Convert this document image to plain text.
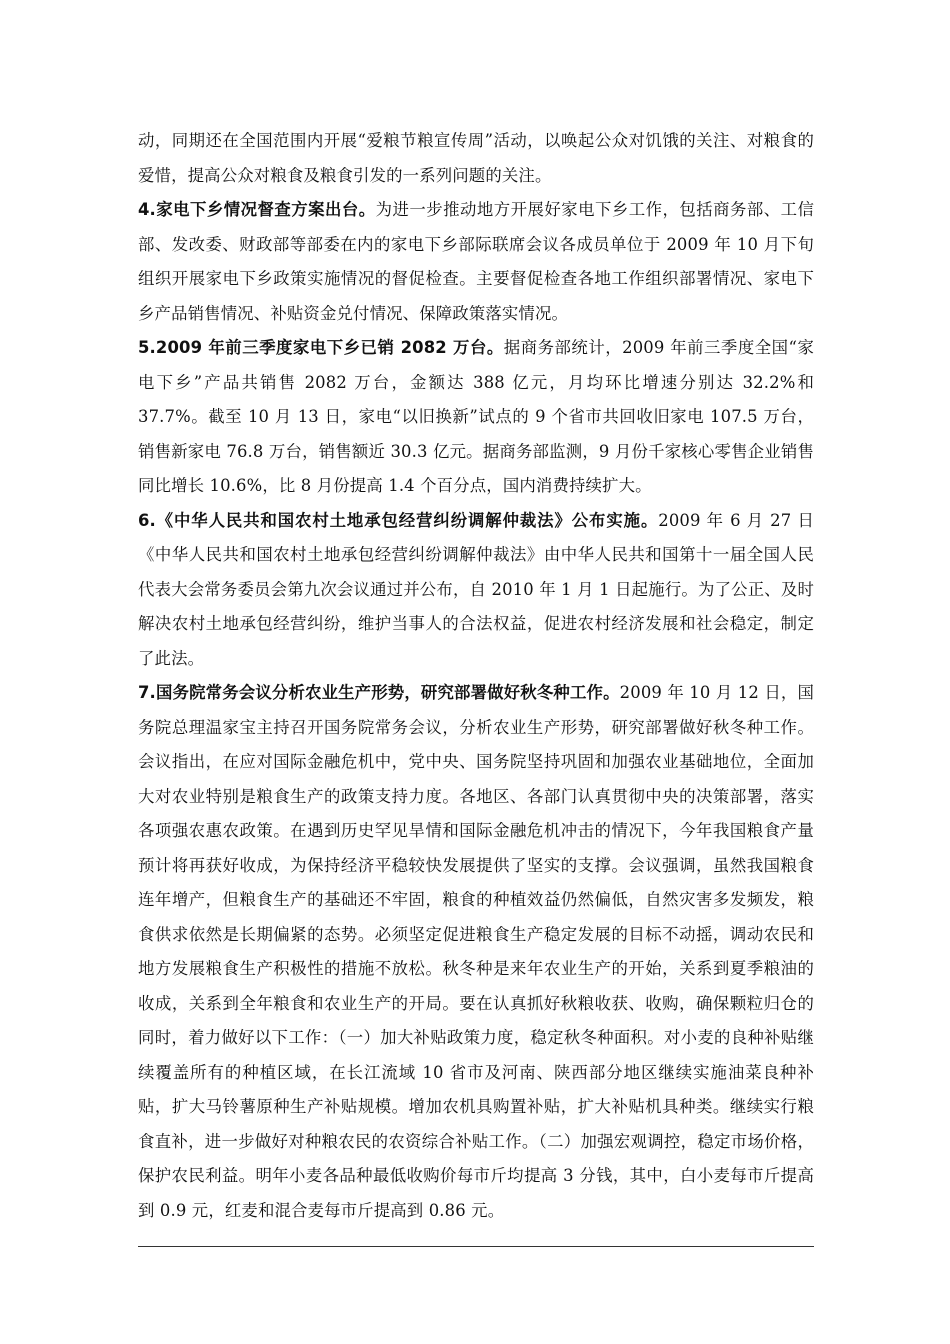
动，同期还在全国范围内开展“爱粮节粮宣传周”活动，以唤起公众对饥饿的关注、对粮食的爱惜，提高公众对粮食及粮食引发的一系列问题的关注。

4.家电下乡情况督查方案出台。为进一步推动地方开展好家电下乡工作，包括商务部、工信部、发改委、财政部等部委在内的家电下乡部际联席会议各成员单位于 2009 年 10 月下旬组织开展家电下乡政策实施情况的督促检查。主要督促检查各地工作组织部署情况、家电下乡产品销售情况、补贴资金兑付情况、保障政策落实情况。

5.2009 年前三季度家电下乡已销 2082 万台。据商务部统计，2009 年前三季度全国“家电下乡”产品共销售 2082 万台，金额达 388 亿元，月均环比增速分别达 32.2%和 37.7%。截至 10 月 13 日，家电“以旧换新”试点的 9 个省市共回收旧家电 107.5 万台，销售新家电 76.8 万台，销售额近 30.3 亿元。据商务部监测，9 月份千家核心零售企业销售同比增长 10.6%，比 8 月份提高 1.4 个百分点，国内消费持续扩大。

6.《中华人民共和国农村土地承包经营纠纷调解仲裁法》公布实施。2009 年 6 月 27 日《中华人民共和国农村土地承包经营纠纷调解仲裁法》由中华人民共和国第十一届全国人民代表大会常务委员会第九次会议通过并公布，自 2010 年 1 月 1 日起施行。为了公正、及时解决农村土地承包经营纠纷，维护当事人的合法权益，促进农村经济发展和社会稳定，制定了此法。

7.国务院常务会议分析农业生产形势，研究部署做好秋冬种工作。2009 年 10 月 12 日，国务院总理温家宝主持召开国务院常务会议，分析农业生产形势，研究部署做好秋冬种工作。会议指出，在应对国际金融危机中，党中央、国务院坚持巩固和加强农业基础地位，全面加大对农业特别是粮食生产的政策支持力度。各地区、各部门认真贯彻中央的决策部署，落实各项强农惠农政策。在遇到历史罕见旱情和国际金融危机冲击的情况下，今年我国粮食产量预计将再获好收成，为保持经济平稳较快发展提供了坚实的支撑。会议强调，虽然我国粮食连年增产，但粮食生产的基础还不牢固，粮食的种植效益仍然偏低，自然灾害多发频发，粮食供求依然是长期偏紧的态势。必须坚定促进粮食生产稳定发展的目标不动摇，调动农民和地方发展粮食生产积极性的措施不放松。秋冬种是来年农业生产的开始，关系到夏季粮油的收成，关系到全年粮食和农业生产的开局。要在认真抓好秋粮收获、收购，确保颗粒归仓的同时，着力做好以下工作：（一）加大补贴政策力度，稳定秋冬种面积。对小麦的良种补贴继续覆盖所有的种植区域，在长江流域 10 省市及河南、陕西部分地区继续实施油菜良种补贴，扩大马铃薯原种生产补贴规模。增加农机具购置补贴，扩大补贴机具种类。继续实行粮食直补，进一步做好对种粮农民的农资综合补贴工作。（二）加强宏观调控，稳定市场价格，保护农民利益。明年小麦各品种最低收购价每市斤均提高 3 分钱，其中，白小麦每市斤提高到 0.9 元，红麦和混合麦每市斤提高到 0.86 元。
